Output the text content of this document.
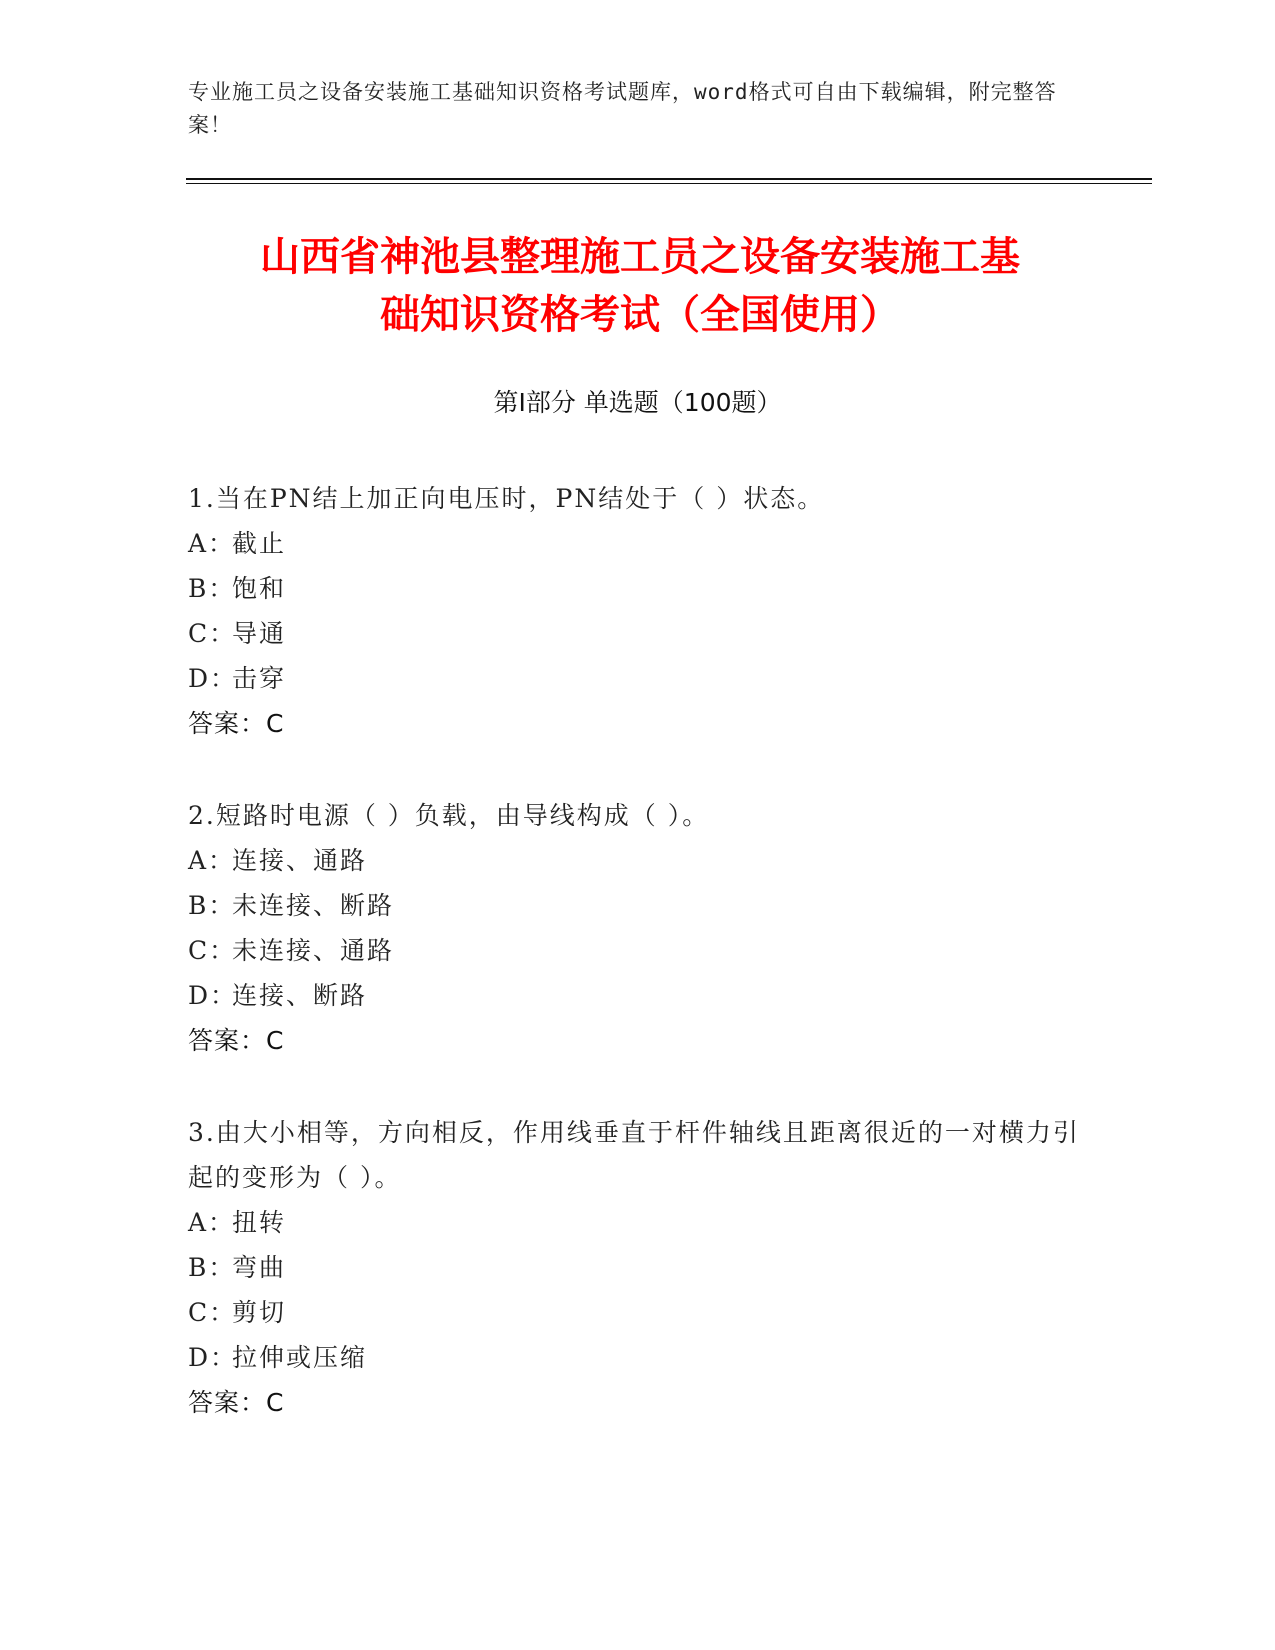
专业施工员之设备安装施工基础知识资格考试题库，word格式可自由下载编辑，附完整答案！
山西省神池县整理施工员之设备安装施工基
础知识资格考试（全国使用）
第I部分 单选题（100题）
1.当在PN结上加正向电压时，PN结处于（ ）状态。
A：
截止
B：
饱和
C：
导通
D：
击穿
答案：C
2.短路时电源（ ）负载，由导线构成（ ）。
A：
连接、通路
B：
未连接、断路
C：
未连接、通路
D：
连接、断路
答案：C
3.由大小相等，方向相反，作用线垂直于杆件轴线且距离很近的一对横力引起的变形为（ ）。
A：
扭转
B：
弯曲
C：
剪切
D：
拉伸或压缩
答案：C
